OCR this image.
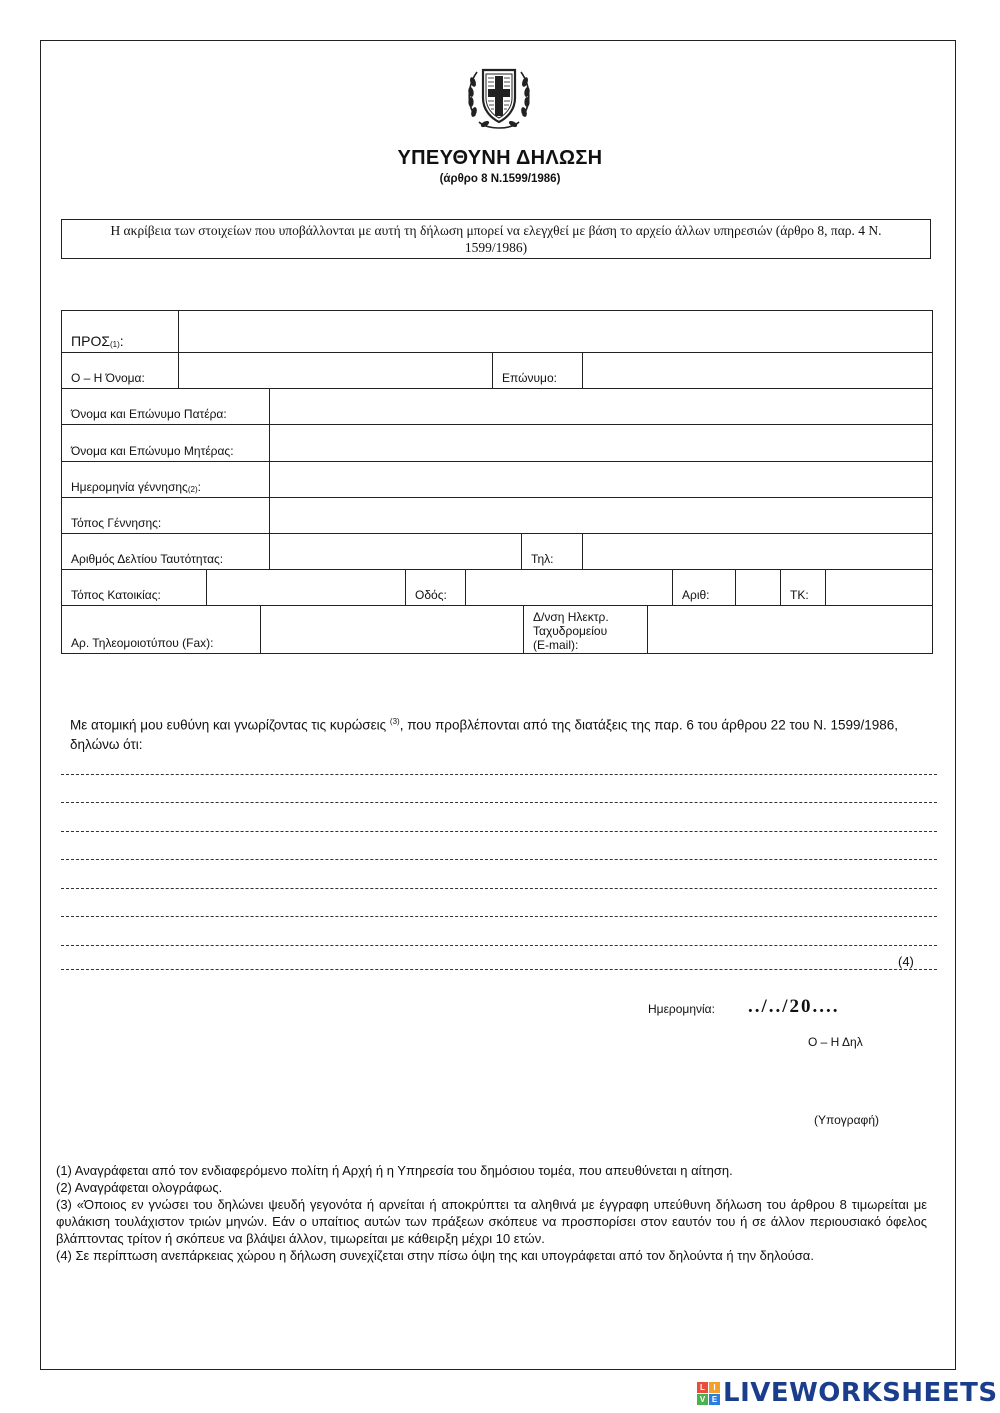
ΥΠΕΥΘΥΝΗ ΔΗΛΩΣΗ
(άρθρο 8 Ν.1599/1986)
Η ακρίβεια των στοιχείων που υποβάλλονται με αυτή τη δήλωση μπορεί να ελεγχθεί με βάση το αρχείο άλλων υπηρεσιών (άρθρο 8, παρ. 4 Ν. 1599/1986)
ΠΡΟΣ (1) :
Ο – Η Όνομα:	Επώνυμο:
Όνομα και Επώνυμο Πατέρα:
Όνομα και Επώνυμο Μητέρας:
Ημερομηνία γέννησης (2) :
Τόπος Γέννησης:
Αριθμός Δελτίου Ταυτότητας:	Τηλ:
Τόπος Κατοικίας:	Οδός:	Αριθ:	ΤΚ:
Αρ. Τηλεομοιοτύπου (Fax):
Δ/νση Ηλεκτρ.
Ταχυδρομείου
(E-mail):
Με ατομική μου ευθύνη και γνωρίζοντας τις κυρώσεις $^{(3)}$, που προβλέπονται από της διατάξεις της παρ. 6 του άρθρου 22 του Ν. 1599/1986, δηλώνω ότι:
(4)
Ημερομηνία: ../../20....
Ο – Η Δηλ
(Υπογραφή)

(1) Αναγράφεται από τον ενδιαφερόμενο πολίτη ή Αρχή ή η Υπηρεσία του δημόσιου τομέα, που απευθύνεται η αίτηση.

(2) Αναγράφεται ολογράφως.

(3) «Όποιος εν γνώσει του δηλώνει ψευδή γεγονότα ή αρνείται ή αποκρύπτει τα αληθινά με έγγραφη υπεύθυνη δήλωση του άρθρου 8 τιμωρείται με φυλάκιση τουλάχιστον τριών μηνών. Εάν ο υπαίτιος αυτών των πράξεων σκόπευε να προσπορίσει στον εαυτόν του ή σε άλλον περιουσιακό όφελος βλάπτοντας τρίτον ή σκόπευε να βλάψει άλλον, τιμωρείται με κάθειρξη μέχρι 10 ετών.

(4) Σε περίπτωση ανεπάρκειας χώρου η δήλωση συνεχίζεται στην πίσω όψη της και υπογράφεται από τον δηλούντα ή την δηλούσα.

L	I
V E LIVEWORKSHEETS
